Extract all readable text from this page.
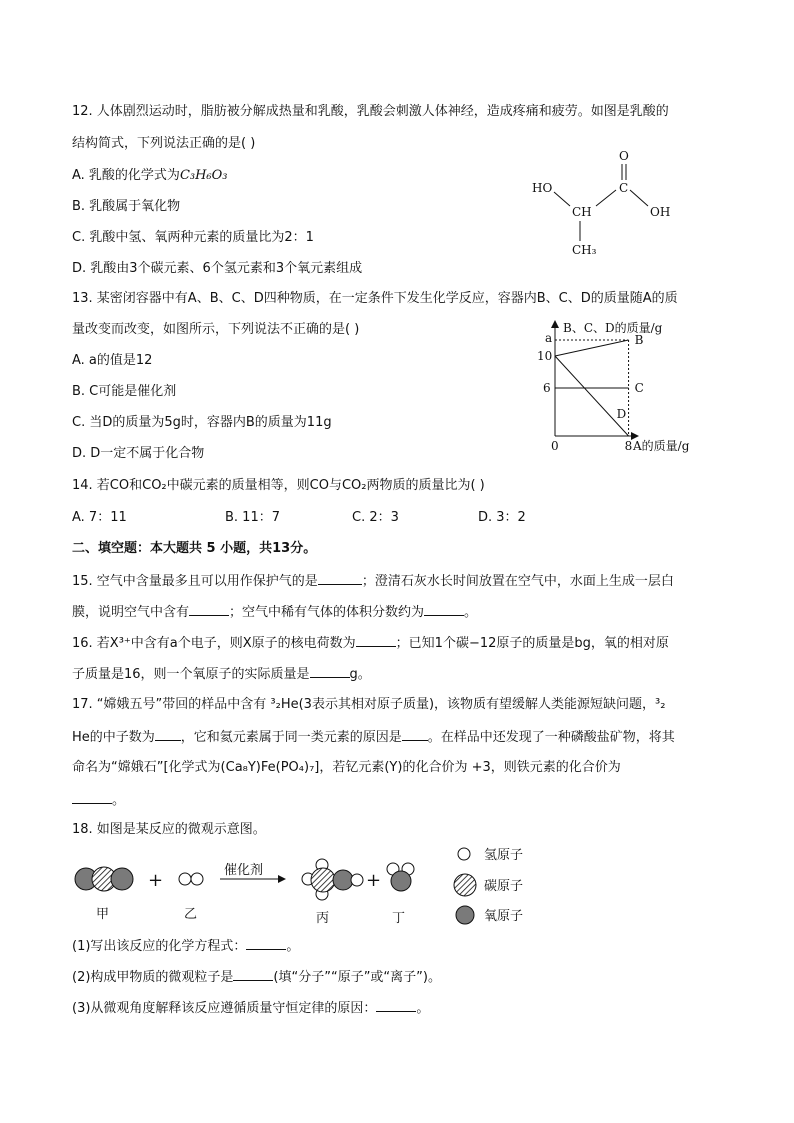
12. 人体剧烈运动时，脂肪被分解成热量和乳酸，乳酸会刺激人体神经，造成疼痛和疲劳。如图是乳酸的
结构简式，下列说法正确的是( )
A. 乳酸的化学式为C₃H₆O₃
B. 乳酸属于氧化物
C. 乳酸中氢、氧两种元素的质量比为2：1
D. 乳酸由3个碳元素、6个氢元素和3个氧元素组成
O
HO
CH
C
OH
CH₃
13. 某密闭容器中有A、B、C、D四种物质，在一定条件下发生化学反应，容器内B、C、D的质量随A的质
量改变而改变，如图所示，下列说法不正确的是( )
A. a的值是12
B. C可能是催化剂
C. 当D的质量为5g时，容器内B的质量为11g
D. D一定不属于化合物
B、C、D的质量/g
A的质量/g
B
C
D
6
10
a
0	8
14. 若CO和CO₂中碳元素的质量相等，则CO与CO₂两物质的质量比为( )
A. 7：11	B. 11：7	C. 2：3	D. 3：2
二、填空题：本大题共 5 小题，共13分。
15. 空气中含量最多且可以用作保护气的是	；澄清石灰水长时间放置在空气中，水面上生成一层白
膜，说明空气中含有	；空气中稀有气体的体积分数约为	。
16. 若X³⁺中含有a个电子，则X原子的核电荷数为	；已知1个碳−12原子的质量是bg，氧的相对原
子质量是16，则一个氧原子的实际质量是	g。
17. “嫦娥五号”带回的样品中含有 ³₂He(3表示其相对原子质量)，该物质有望缓解人类能源短缺问题，³₂
He的中子数为 ，它和氦元素属于同一类元素的原因是 。在样品中还发现了一种磷酸盐矿物，将其
命名为“嫦娥石”[化学式为(Ca₈Y)Fe(PO₄)₇]，若钇元素(Y)的化合价为 +3，则铁元素的化合价为
。
18. 如图是某反应的微观示意图。
甲
+
乙
催化剂
丙
+
丁
氢原子
碳原子
氧原子
(1)写出该反应的化学方程式：	。
(2)构成甲物质的微观粒子是	(填“分子”“原子”或“离子”)。
(3)从微观角度解释该反应遵循质量守恒定律的原因：	。
